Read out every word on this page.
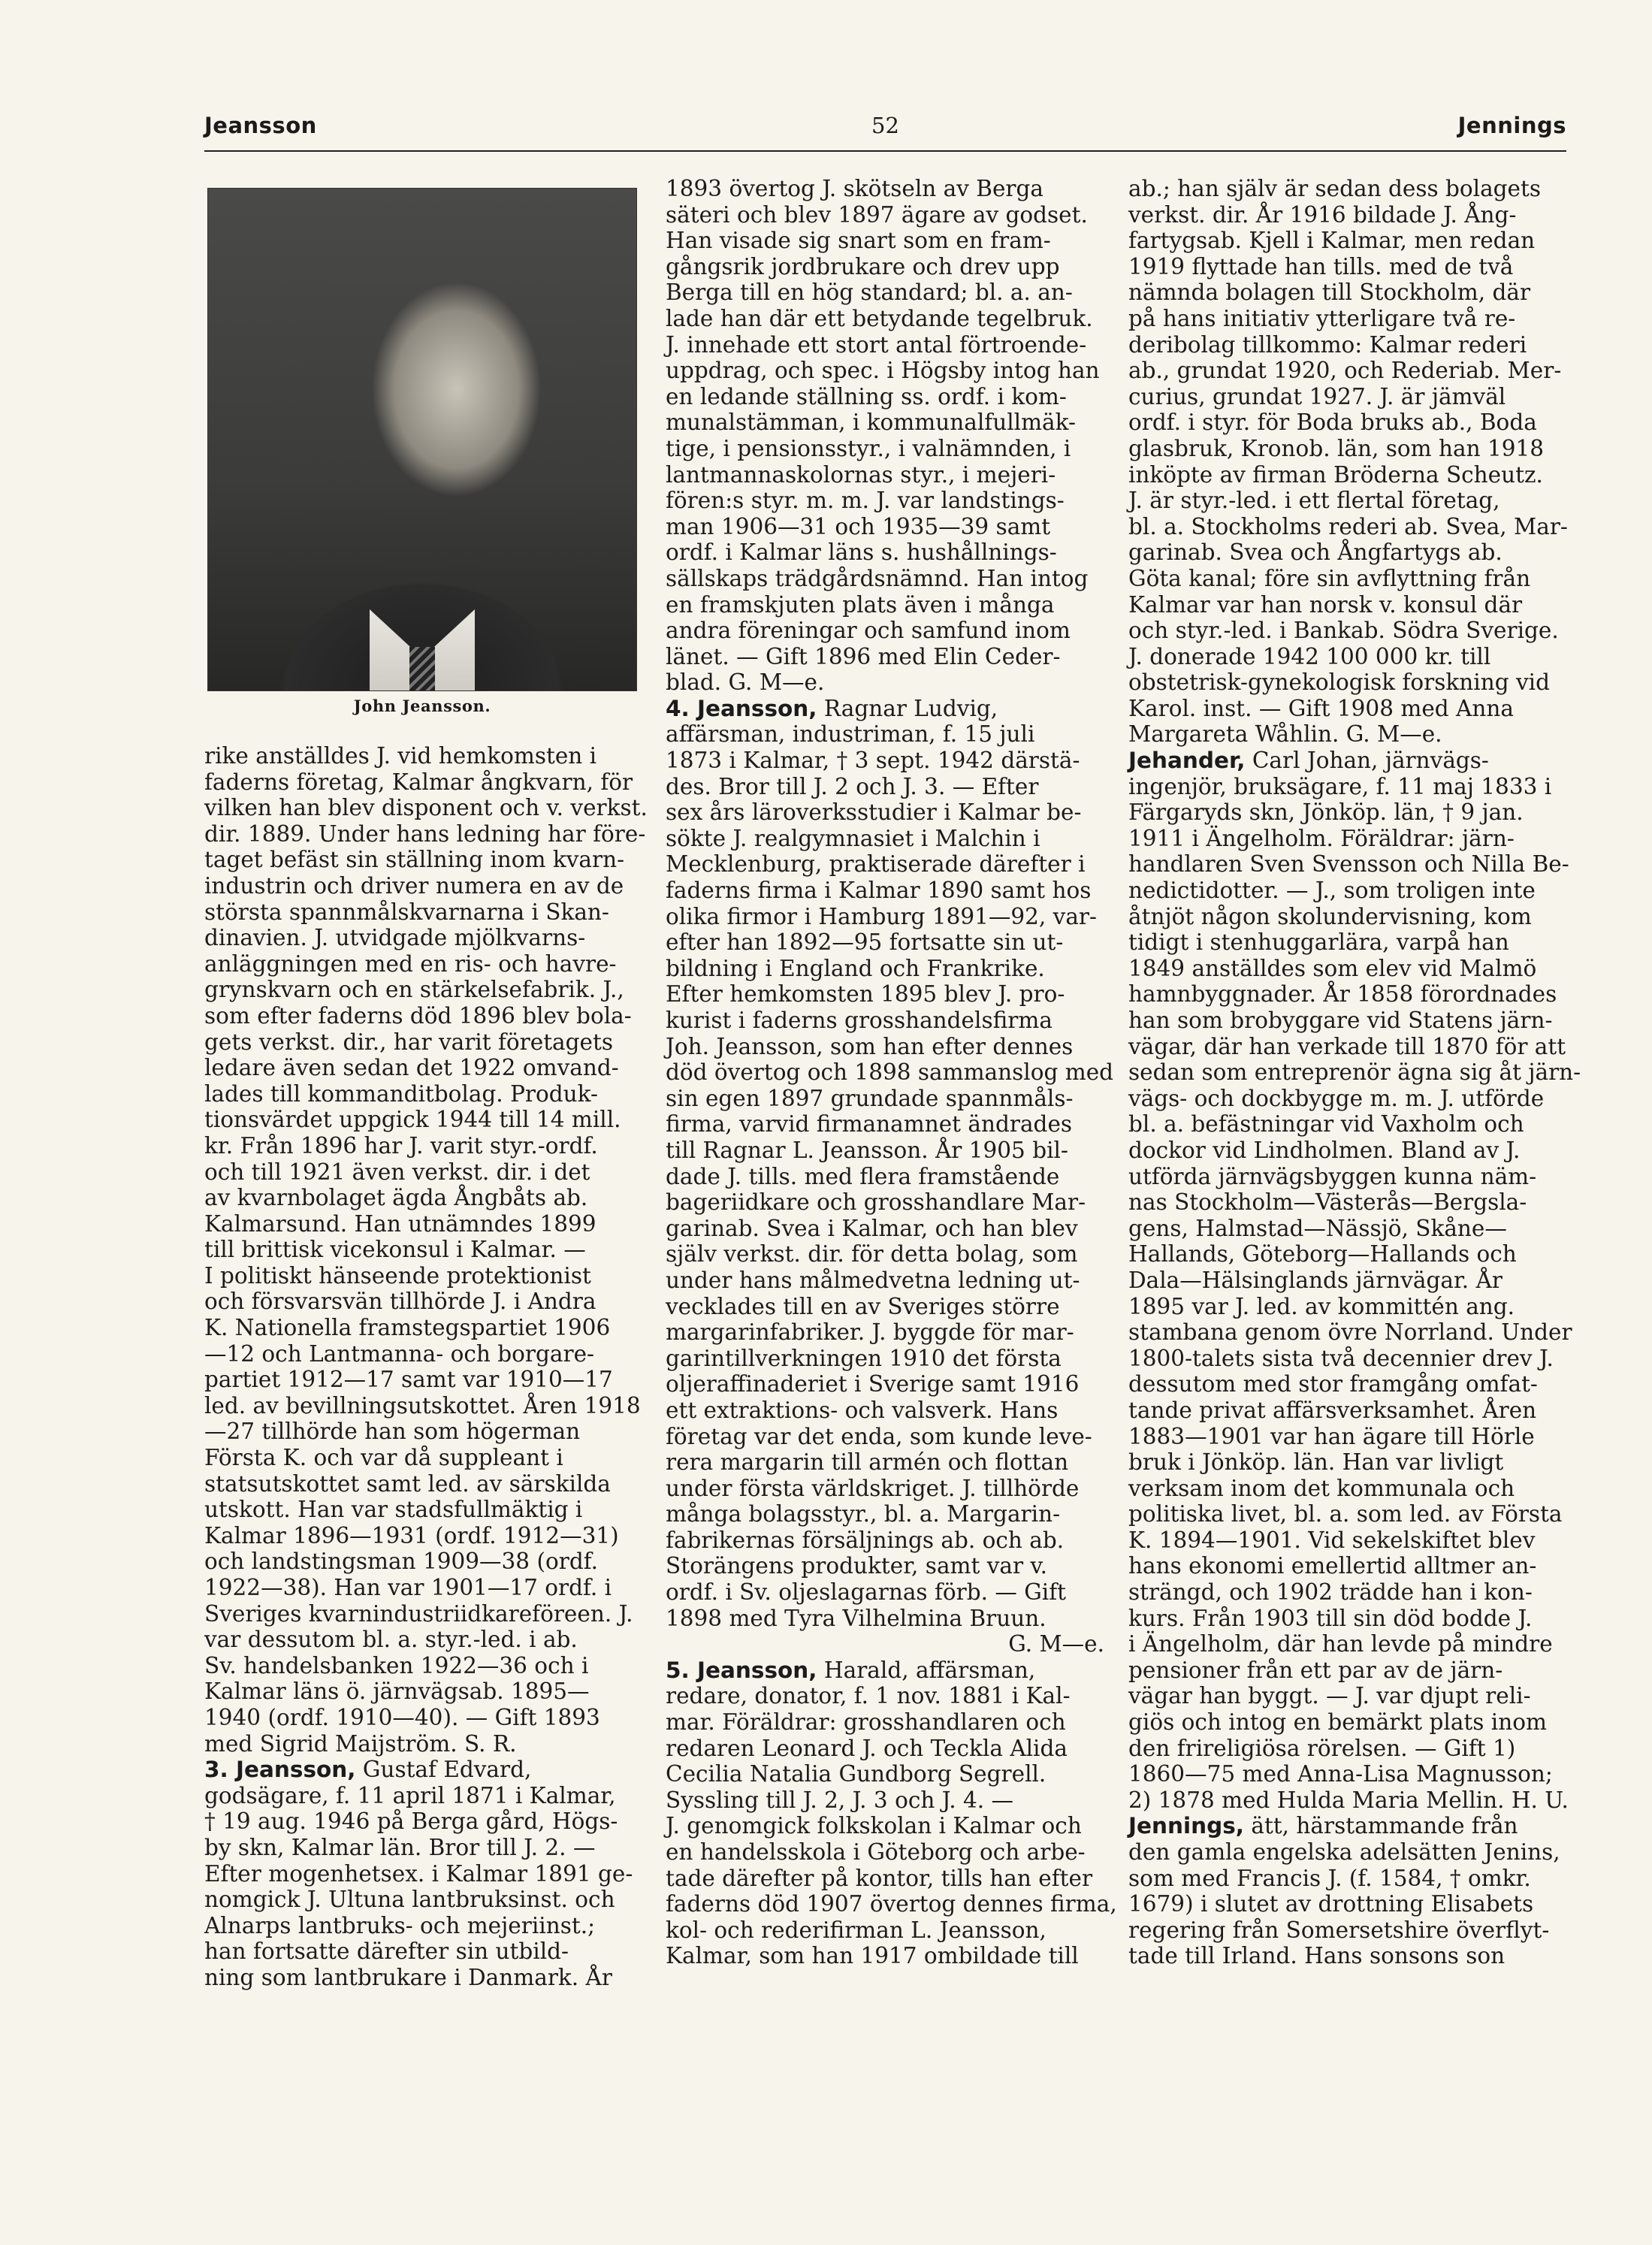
Jeansson	52	Jennings
John Jeansson.
rike anställdes J. vid hemkomsten i
faderns företag, Kalmar ångkvarn, för
vilken han blev disponent och v. verkst.
dir. 1889. Under hans ledning har före-
taget befäst sin ställning inom kvarn-
industrin och driver numera en av de
största spannmålskvarnarna i Skan-
dinavien. J. utvidgade mjölkvarns-
anläggningen med en ris- och havre-
grynskvarn och en stärkelsefabrik. J.,
som efter faderns död 1896 blev bola-
gets verkst. dir., har varit företagets
ledare även sedan det 1922 omvand-
lades till kommanditbolag. Produk-
tionsvärdet uppgick 1944 till 14 mill.
kr. Från 1896 har J. varit styr.-ordf.
och till 1921 även verkst. dir. i det
av kvarnbolaget ägda Ångbåts ab.
Kalmarsund. Han utnämndes 1899
till brittisk vicekonsul i Kalmar. —
I politiskt hänseende protektionist
och försvarsvän tillhörde J. i Andra
K. Nationella framstegspartiet 1906
—12 och Lantmanna- och borgare-
partiet 1912—17 samt var 1910—17
led. av bevillningsutskottet. Åren 1918
—27 tillhörde han som högerman
Första K. och var då suppleant i
statsutskottet samt led. av särskilda
utskott. Han var stadsfullmäktig i
Kalmar 1896—1931 (ordf. 1912—31)
och landstingsman 1909—38 (ordf.
1922—38). Han var 1901—17 ordf. i
Sveriges kvarnindustriidkareföreen. J.
var dessutom bl. a. styr.-led. i ab.
Sv. handelsbanken 1922—36 och i
Kalmar läns ö. järnvägsab. 1895—
1940 (ordf. 1910—40). — Gift 1893
med Sigrid Maijström. S. R.
3. Jeansson, Gustaf Edvard,
godsägare, f. 11 april 1871 i Kalmar,
† 19 aug. 1946 på Berga gård, Högs-
by skn, Kalmar län. Bror till J. 2. —
Efter mogenhetsex. i Kalmar 1891 ge-
nomgick J. Ultuna lantbruksinst. och
Alnarps lantbruks- och mejeriinst.;
han fortsatte därefter sin utbild-
ning som lantbrukare i Danmark. År
1893 övertog J. skötseln av Berga
säteri och blev 1897 ägare av godset.
Han visade sig snart som en fram-
gångsrik jordbrukare och drev upp
Berga till en hög standard; bl. a. an-
lade han där ett betydande tegelbruk.
J. innehade ett stort antal förtroende-
uppdrag, och spec. i Högsby intog han
en ledande ställning ss. ordf. i kom-
munalstämman, i kommunalfullmäk-
tige, i pensionsstyr., i valnämnden, i
lantmannaskolornas styr., i mejeri-
fören:s styr. m. m. J. var landstings-
man 1906—31 och 1935—39 samt
ordf. i Kalmar läns s. hushållnings-
sällskaps trädgårdsnämnd. Han intog
en framskjuten plats även i många
andra föreningar och samfund inom
länet. — Gift 1896 med Elin Ceder-
blad. G. M—e.
4. Jeansson, Ragnar Ludvig,
affärsman, industriman, f. 15 juli
1873 i Kalmar, † 3 sept. 1942 därstä-
des. Bror till J. 2 och J. 3. — Efter
sex års läroverksstudier i Kalmar be-
sökte J. realgymnasiet i Malchin i
Mecklenburg, praktiserade därefter i
faderns firma i Kalmar 1890 samt hos
olika firmor i Hamburg 1891—92, var-
efter han 1892—95 fortsatte sin ut-
bildning i England och Frankrike.
Efter hemkomsten 1895 blev J. pro-
kurist i faderns grosshandelsfirma
Joh. Jeansson, som han efter dennes
död övertog och 1898 sammanslog med
sin egen 1897 grundade spannmåls-
firma, varvid firmanamnet ändrades
till Ragnar L. Jeansson. År 1905 bil-
dade J. tills. med flera framstående
bageriidkare och grosshandlare Mar-
garinab. Svea i Kalmar, och han blev
själv verkst. dir. för detta bolag, som
under hans målmedvetna ledning ut-
vecklades till en av Sveriges större
margarinfabriker. J. byggde för mar-
garintillverkningen 1910 det första
oljeraffinaderiet i Sverige samt 1916
ett extraktions- och valsverk. Hans
företag var det enda, som kunde leve-
rera margarin till armén och flottan
under första världskriget. J. tillhörde
många bolagsstyr., bl. a. Margarin-
fabrikernas försäljnings ab. och ab.
Storängens produkter, samt var v.
ordf. i Sv. oljeslagarnas förb. — Gift
1898 med Tyra Vilhelmina Bruun.
G. M—e.
5. Jeansson, Harald, affärsman,
redare, donator, f. 1 nov. 1881 i Kal-
mar. Föräldrar: grosshandlaren och
redaren Leonard J. och Teckla Alida
Cecilia Natalia Gundborg Segrell.
Syssling till J. 2, J. 3 och J. 4. —
J. genomgick folkskolan i Kalmar och
en handelsskola i Göteborg och arbe-
tade därefter på kontor, tills han efter
faderns död 1907 övertog dennes firma,
kol- och rederifirman L. Jeansson,
Kalmar, som han 1917 ombildade till
ab.; han själv är sedan dess bolagets
verkst. dir. År 1916 bildade J. Ång-
fartygsab. Kjell i Kalmar, men redan
1919 flyttade han tills. med de två
nämnda bolagen till Stockholm, där
på hans initiativ ytterligare två re-
deribolag tillkommo: Kalmar rederi
ab., grundat 1920, och Rederiab. Mer-
curius, grundat 1927. J. är jämväl
ordf. i styr. för Boda bruks ab., Boda
glasbruk, Kronob. län, som han 1918
inköpte av firman Bröderna Scheutz.
J. är styr.-led. i ett flertal företag,
bl. a. Stockholms rederi ab. Svea, Mar-
garinab. Svea och Ångfartygs ab.
Göta kanal; före sin avflyttning från
Kalmar var han norsk v. konsul där
och styr.-led. i Bankab. Södra Sverige.
J. donerade 1942 100 000 kr. till
obstetrisk-gynekologisk forskning vid
Karol. inst. — Gift 1908 med Anna
Margareta Wåhlin. G. M—e.
Jehander, Carl Johan, järnvägs-
ingenjör, bruksägare, f. 11 maj 1833 i
Färgaryds skn, Jönköp. län, † 9 jan.
1911 i Ängelholm. Föräldrar: järn-
handlaren Sven Svensson och Nilla Be-
nedictidotter. — J., som troligen inte
åtnjöt någon skolundervisning, kom
tidigt i stenhuggarlära, varpå han
1849 anställdes som elev vid Malmö
hamnbyggnader. År 1858 förordnades
han som brobyggare vid Statens järn-
vägar, där han verkade till 1870 för att
sedan som entreprenör ägna sig åt järn-
vägs- och dockbygge m. m. J. utförde
bl. a. befästningar vid Vaxholm och
dockor vid Lindholmen. Bland av J.
utförda järnvägsbyggen kunna näm-
nas Stockholm—Västerås—Bergsla-
gens, Halmstad—Nässjö, Skåne—
Hallands, Göteborg—Hallands och
Dala—Hälsinglands järnvägar. År
1895 var J. led. av kommittén ang.
stambana genom övre Norrland. Under
1800-talets sista två decennier drev J.
dessutom med stor framgång omfat-
tande privat affärsverksamhet. Åren
1883—1901 var han ägare till Hörle
bruk i Jönköp. län. Han var livligt
verksam inom det kommunala och
politiska livet, bl. a. som led. av Första
K. 1894—1901. Vid sekelskiftet blev
hans ekonomi emellertid alltmer an-
strängd, och 1902 trädde han i kon-
kurs. Från 1903 till sin död bodde J.
i Ängelholm, där han levde på mindre
pensioner från ett par av de järn-
vägar han byggt. — J. var djupt reli-
giös och intog en bemärkt plats inom
den frireligiösa rörelsen. — Gift 1)
1860—75 med Anna-Lisa Magnusson;
2) 1878 med Hulda Maria Mellin. H. U.
Jennings, ätt, härstammande från
den gamla engelska adelsätten Jenins,
som med Francis J. (f. 1584, † omkr.
1679) i slutet av drottning Elisabets
regering från Somersetshire överflyt-
tade till Irland. Hans sonsons son
